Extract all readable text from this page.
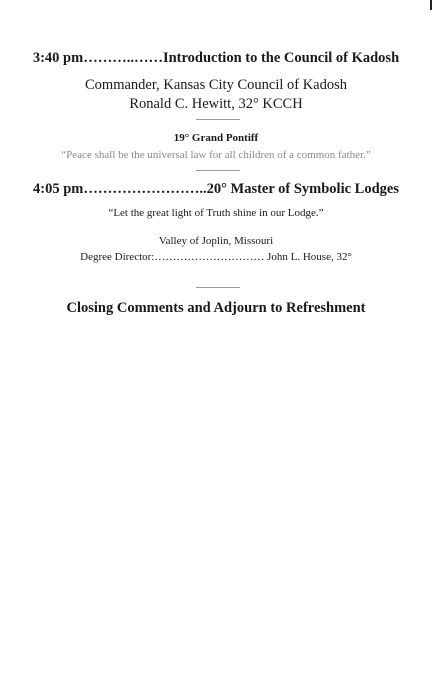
3:40 pm………..……Introduction to the Council of Kadosh
Commander, Kansas City Council of Kadosh
Ronald C. Hewitt, 32° KCCH
19° Grand Pontiff
“Peace shall be the universal law for all children of a common father.”
4:05 pm……………………..20° Master of Symbolic Lodges
“Let the great light of Truth shine in our Lodge.”
Valley of Joplin, Missouri
Degree Director:………………………… John L. House, 32°
Closing Comments and Adjourn to Refreshment
